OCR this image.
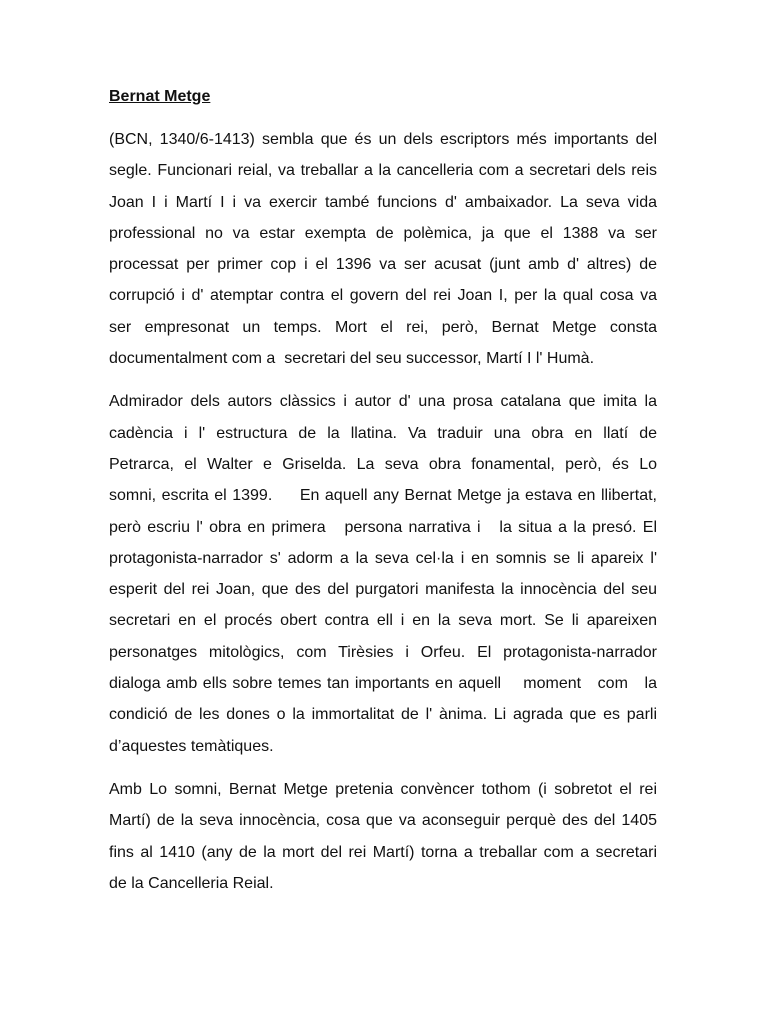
Bernat Metge
(BCN, 1340/6-1413) sembla que és un dels escriptors més importants del
segle. Funcionari reial, va treballar a la cancelleria com a secretari dels reis
Joan I i Martí I i va exercir també funcions d' ambaixador. La seva vida
professional no va estar exempta de polèmica, ja que el 1388 va ser
processat per primer cop i el 1396 va ser acusat (junt amb d' altres) de
corrupció i d' atemptar contra el govern del rei Joan I, per la qual cosa va
ser empresonat un temps. Mort el rei, però, Bernat Metge consta
documentalment com a  secretari del seu successor, Martí I l' Humà.
Admirador dels autors clàssics i autor d' una prosa catalana que imita la
cadència i l' estructura de la llatina. Va traduir una obra en llatí de
Petrarca, el Walter e Griselda. La seva obra fonamental, però, és Lo
somni, escrita el 1399.     En aquell any Bernat Metge ja estava en llibertat,
però escriu l' obra en primera   persona narrativa i   la situa a la presó. El
protagonista-narrador s' adorm a la seva cel·la i en somnis se li apareix l'
esperit del rei Joan, que des del purgatori manifesta la innocència del seu
secretari en el procés obert contra ell i en la seva mort. Se li apareixen
personatges mitològics, com Tirèsies i Orfeu. El protagonista-narrador
dialoga amb ells sobre temes tan importants en aquell    moment   com   la
condició de les dones o la immortalitat de l' ànima. Li agrada que es parli
d’aquestes temàtiques.
Amb Lo somni, Bernat Metge pretenia convèncer tothom (i sobretot el rei
Martí) de la seva innocència, cosa que va aconseguir perquè des del 1405
fins al 1410 (any de la mort del rei Martí) torna a treballar com a secretari
de la Cancelleria Reial.
